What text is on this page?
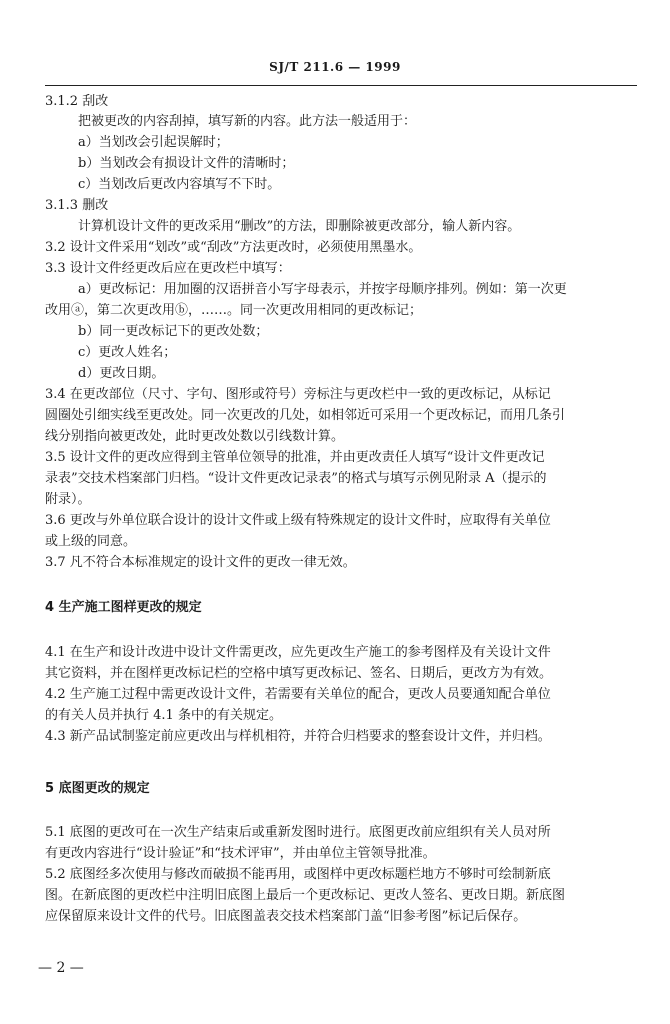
SJ/T 211.6 — 1999
3.1.2 刮改
把被更改的内容刮掉，填写新的内容。此方法一般适用于：
a）当划改会引起误解时；
b）当划改会有损设计文件的清晰时；
c）当划改后更改内容填写不下时。
3.1.3 删改
计算机设计文件的更改采用“删改”的方法，即删除被更改部分，输人新内容。
3.2 设计文件采用“划改”或“刮改”方法更改时，必须使用黑墨水。
3.3 设计文件经更改后应在更改栏中填写：
a）更改标记：用加圈的汉语拼音小写字母表示，并按字母顺序排列。例如：第一次更
改用ⓐ，第二次更改用ⓑ，……。同一次更改用相同的更改标记；
b）同一更改标记下的更改处数；
c）更改人姓名；
d）更改日期。
3.4 在更改部位（尺寸、字句、图形或符号）旁标注与更改栏中一致的更改标记，从标记
圆圈处引细实线至更改处。同一次更改的几处，如相邻近可采用一个更改标记，而用几条引
线分别指向被更改处，此时更改处数以引线数计算。
3.5 设计文件的更改应得到主管单位领导的批准，并由更改责任人填写“设计文件更改记
录表”交技术档案部门归档。“设计文件更改记录表”的格式与填写示例见附录 A（提示的
附录）。
3.6 更改与外单位联合设计的设计文件或上级有特殊规定的设计文件时，应取得有关单位
或上级的同意。
3.7 凡不符合本标准规定的设计文件的更改一律无效。
4 生产施工图样更改的规定
4.1 在生产和设计改进中设计文件需更改，应先更改生产施工的参考图样及有关设计文件
其它资料，并在图样更改标记栏的空格中填写更改标记、签名、日期后，更改方为有效。
4.2 生产施工过程中需更改设计文件，若需要有关单位的配合，更改人员要通知配合单位
的有关人员并执行 4.1 条中的有关规定。
4.3 新产品试制鉴定前应更改出与样机相符，并符合归档要求的整套设计文件，并归档。
5 底图更改的规定
5.1 底图的更改可在一次生产结束后或重新发图时进行。底图更改前应组织有关人员对所
有更改内容进行“设计验证”和“技术评审”，并由单位主管领导批准。
5.2 底图经多次使用与修改而破损不能再用，或图样中更改标题栏地方不够时可绘制新底
图。在新底图的更改栏中注明旧底图上最后一个更改标记、更改人签名、更改日期。新底图
应保留原来设计文件的代号。旧底图盖表交技术档案部门盖“旧参考图”标记后保存。
— 2 —
